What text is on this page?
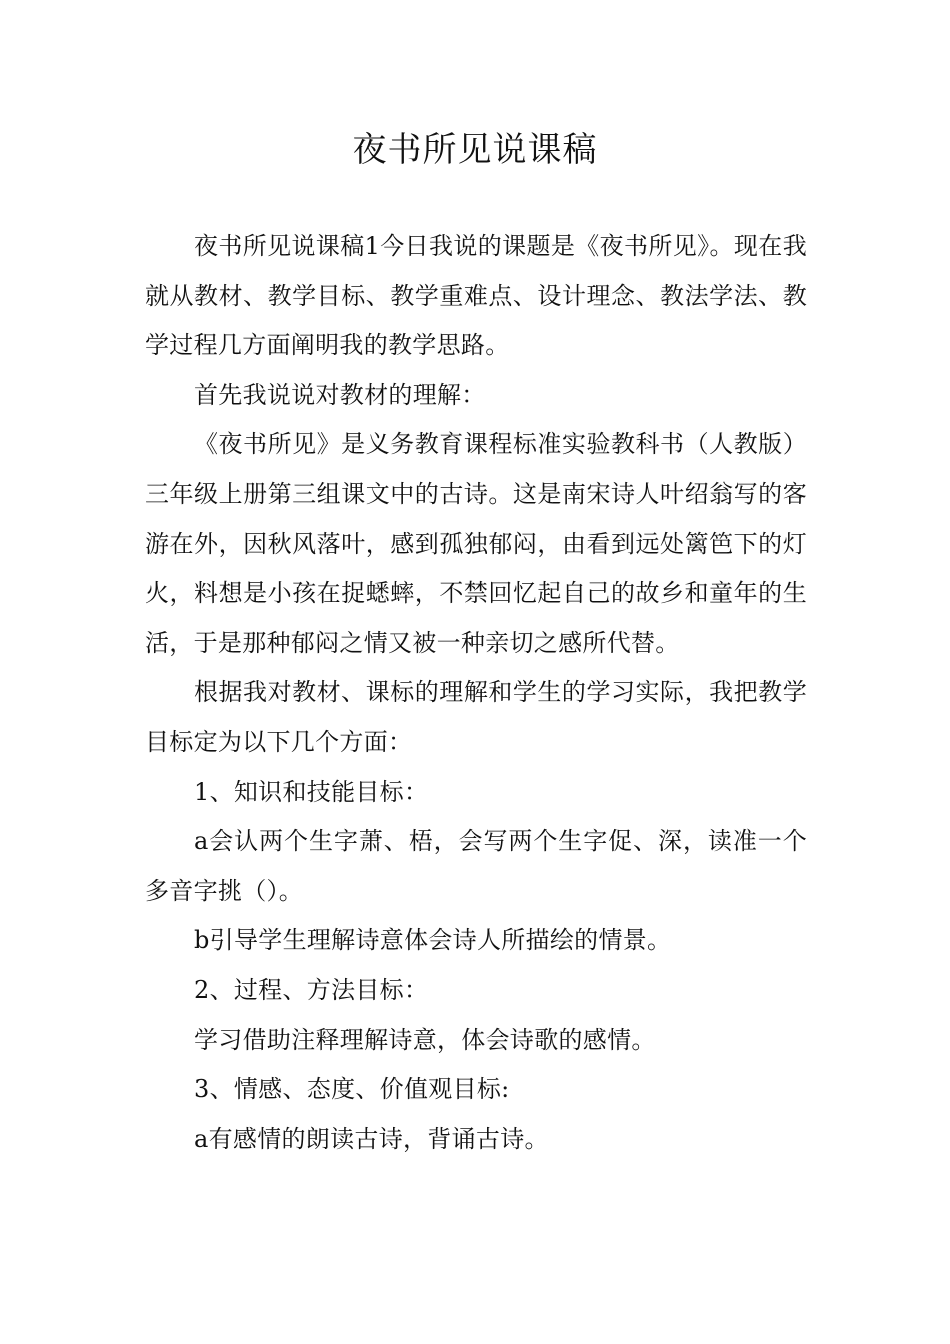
夜书所见说课稿

夜书所见说课稿1今日我说的课题是《夜书所见》。现在我就从教材、教学目标、教学重难点、设计理念、教法学法、教学过程几方面阐明我的教学思路。

首先我说说对教材的理解：

《夜书所见》是义务教育课程标准实验教科书（人教版）三年级上册第三组课文中的古诗。这是南宋诗人叶绍翁写的客游在外，因秋风落叶，感到孤独郁闷，由看到远处篱笆下的灯火，料想是小孩在捉蟋蟀，不禁回忆起自己的故乡和童年的生活，于是那种郁闷之情又被一种亲切之感所代替。

根据我对教材、课标的理解和学生的学习实际，我把教学目标定为以下几个方面：

1、知识和技能目标：

a会认两个生字萧、梧，会写两个生字促、深，读准一个多音字挑（）。

b引导学生理解诗意体会诗人所描绘的情景。

2、过程、方法目标：

学习借助注释理解诗意，体会诗歌的感情。

3、情感、态度、价值观目标:

a有感情的朗读古诗，背诵古诗。
